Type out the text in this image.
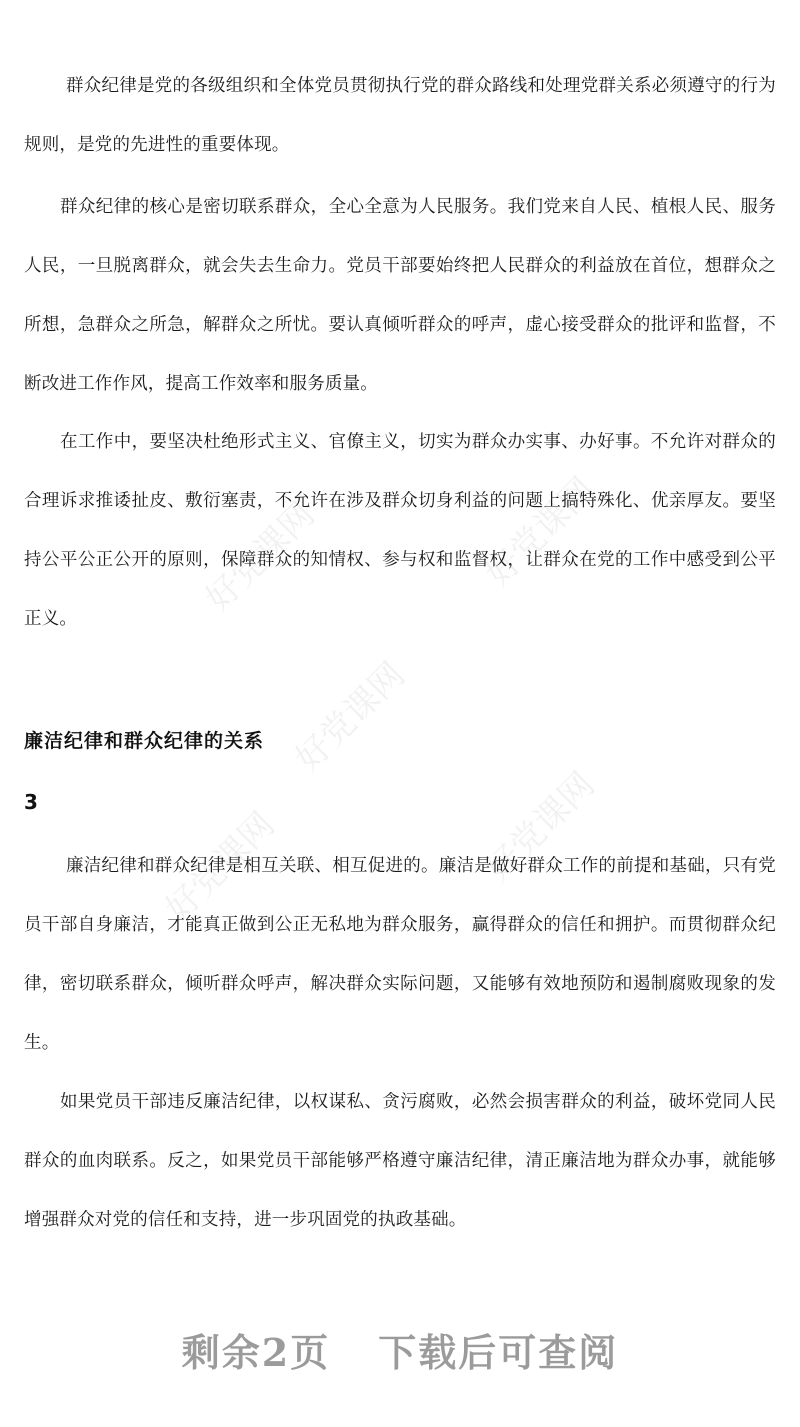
好党课网	好党课网
好党课网
好党课网	好党课网

群众纪律是党的各级组织和全体党员贯彻执行党的群众路线和处理党群关系必须遵守的行为规则，是党的先进性的重要体现。

群众纪律的核心是密切联系群众，全心全意为人民服务。我们党来自人民、植根人民、服务人民，一旦脱离群众，就会失去生命力。党员干部要始终把人民群众的利益放在首位，想群众之所想，急群众之所急，解群众之所忧。要认真倾听群众的呼声，虚心接受群众的批评和监督，不断改进工作作风，提高工作效率和服务质量。

在工作中，要坚决杜绝形式主义、官僚主义，切实为群众办实事、办好事。不允许对群众的合理诉求推诿扯皮、敷衍塞责，不允许在涉及群众切身利益的问题上搞特殊化、优亲厚友。要坚持公平公正公开的原则，保障群众的知情权、参与权和监督权，让群众在党的工作中感受到公平正义。

廉洁纪律和群众纪律的关系
3

廉洁纪律和群众纪律是相互关联、相互促进的。廉洁是做好群众工作的前提和基础，只有党员干部自身廉洁，才能真正做到公正无私地为群众服务，赢得群众的信任和拥护。而贯彻群众纪律，密切联系群众，倾听群众呼声，解决群众实际问题，又能够有效地预防和遏制腐败现象的发生。

如果党员干部违反廉洁纪律，以权谋私、贪污腐败，必然会损害群众的利益，破坏党同人民群众的血肉联系。反之，如果党员干部能够严格遵守廉洁纪律，清正廉洁地为群众办事，就能够增强群众对党的信任和支持，进一步巩固党的执政基础。

剩余2页 下载后可查阅
